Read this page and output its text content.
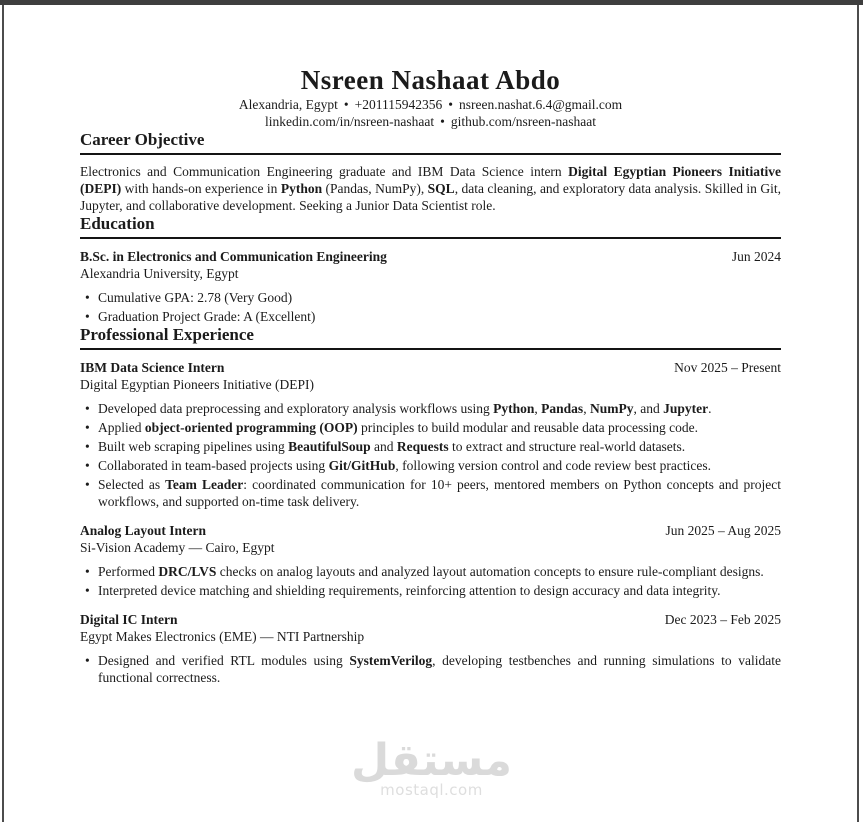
مستقل
mostaql.com
Nsreen Nashaat Abdo
Alexandria, Egypt • +201115942356 • nsreen.nashat.6.4@gmail.com
linkedin.com/in/nsreen-nashaat • github.com/nsreen-nashaat
Career Objective

Electronics and Communication Engineering graduate and IBM Data Science intern Digital Egyptian Pioneers Initiative (DEPI) with hands-on experience in Python (Pandas, NumPy), SQL, data cleaning, and exploratory data analysis. Skilled in Git, Jupyter, and collaborative development. Seeking a Junior Data Scientist role.

Education
B.Sc. in Electronics and Communication Engineering	Jun 2024
Alexandria University, Egypt
• Cumulative GPA: 2.78 (Very Good)
• Graduation Project Grade: A (Excellent)
Professional Experience
IBM Data Science Intern	Nov 2025 – Present
Digital Egyptian Pioneers Initiative (DEPI)
• Developed data preprocessing and exploratory analysis workflows using Python, Pandas, NumPy, and Jupyter.
• Applied object-oriented programming (OOP) principles to build modular and reusable data processing code.
• Built web scraping pipelines using BeautifulSoup and Requests to extract and structure real-world datasets.
• Collaborated in team-based projects using Git/GitHub, following version control and code review best practices.
• Selected as Team Leader: coordinated communication for 10+ peers, mentored members on Python concepts and project workflows, and supported on-time task delivery.
Analog Layout Intern	Jun 2025 – Aug 2025
Si-Vision Academy — Cairo, Egypt
• Performed DRC/LVS checks on analog layouts and analyzed layout automation concepts to ensure rule-compliant designs.
• Interpreted device matching and shielding requirements, reinforcing attention to design accuracy and data integrity.
Digital IC Intern	Dec 2023 – Feb 2025
Egypt Makes Electronics (EME) — NTI Partnership
• Designed and verified RTL modules using SystemVerilog, developing testbenches and running simulations to validate functional correctness.
